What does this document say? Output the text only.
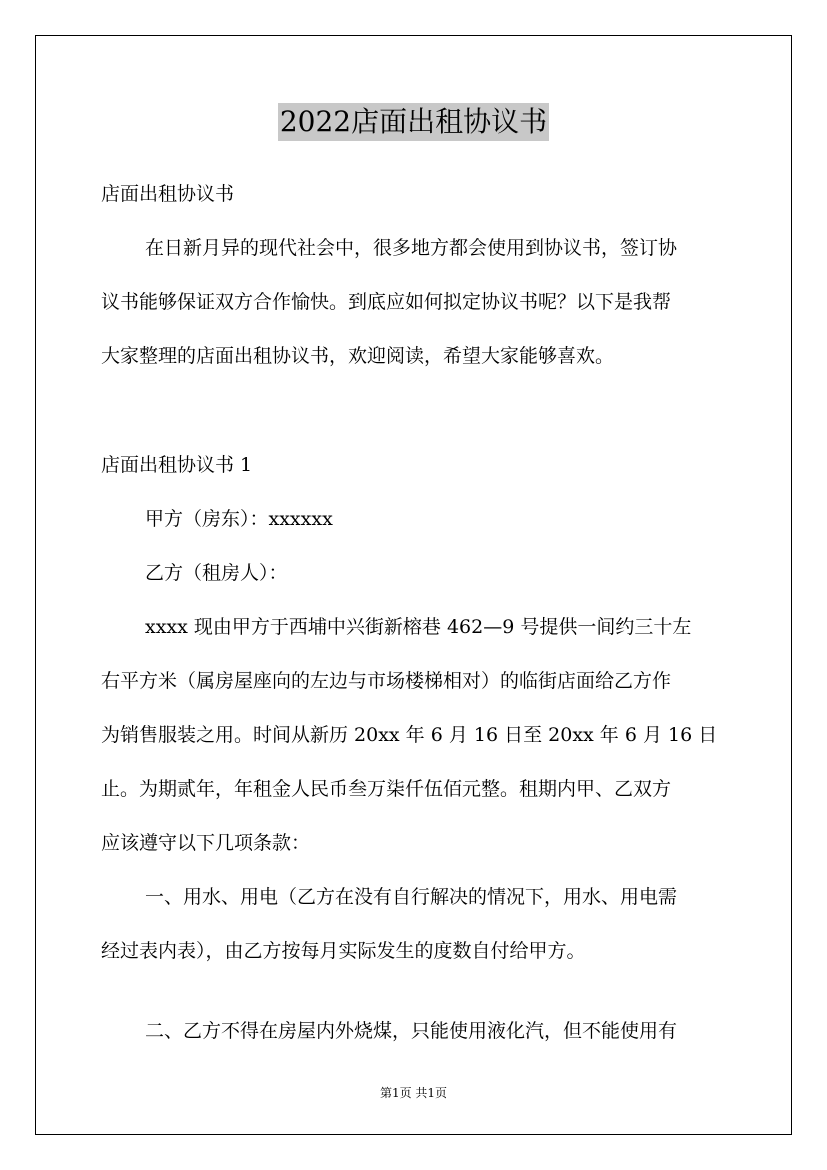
2022店面出租协议书
店面出租协议书
在日新月异的现代社会中，很多地方都会使用到协议书，签订协
议书能够保证双方合作愉快。到底应如何拟定协议书呢？以下是我帮
大家整理的店面出租协议书，欢迎阅读，希望大家能够喜欢。
店面出租协议书 1
甲方（房东）：xxxxxx
乙方（租房人）：
xxxx 现由甲方于西埔中兴街新榕巷 462—9 号提供一间约三十左
右平方米（属房屋座向的左边与市场楼梯相对）的临街店面给乙方作
为销售服装之用。时间从新历 20xx 年 6 月 16 日至 20xx 年 6 月 16 日
止。为期贰年，年租金人民币叁万柒仟伍佰元整。租期内甲、乙双方
应该遵守以下几项条款：
一、用水、用电（乙方在没有自行解决的情况下，用水、用电需
经过表内表），由乙方按每月实际发生的度数自付给甲方。
二、乙方不得在房屋内外烧煤，只能使用液化汽，但不能使用有
第1页 共1页
